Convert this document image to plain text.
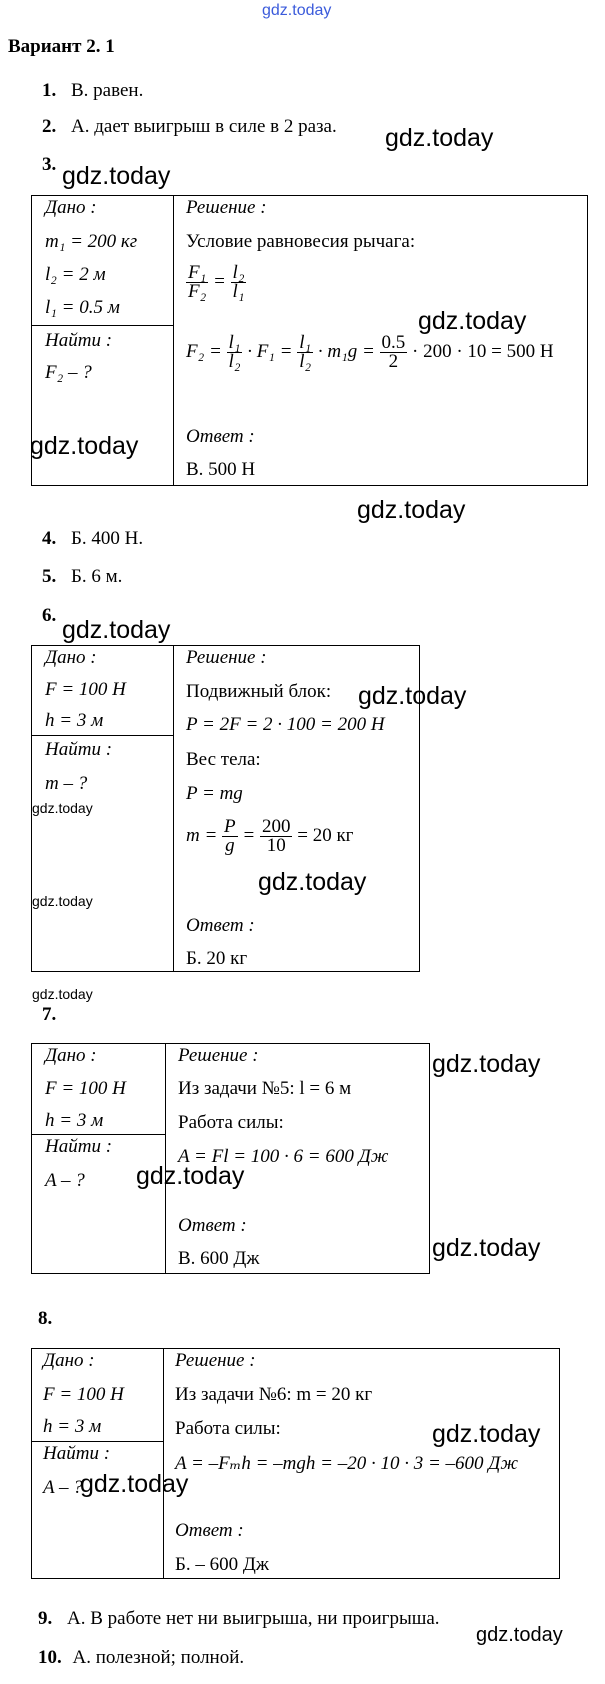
gdz.today
Вариант 2. 1
1. В. равен.
2. А. дает выигрыш в силе в 2 раза. gdz.today
3. gdz.today
Дано :
m₁ = 200 кг
l₂ = 2 м
l₁ = 0.5 м
Найти :
F₂ – ?
gdz.today
Решение :
Условие равновесия рычага:
$\frac{\text{F₁}}{\text{F₂}} = \frac{\text{l₂}}{\text{l₁}}$
gdz.today
$F_2 = \frac{\text{l₁}}{\text{l₂}} \cdot F_1 = \frac{\text{l₁}}{\text{l₂}} \cdot m_1g = \frac{0.5}{2} \cdot 200 \cdot 10 = 500$ Н
Ответ :
В. 500 Н
gdz.today
4. Б. 400 Н.
5. Б. 6 м.
6.
gdz.today
Дано :
F = 100 Н
h = 3 м
Найти :
m – ?
gdz.today
gdz.today
Решение :
Подвижный блок: gdz.today
P = 2F = 2 · 100 = 200 Н
Вес тела:
P = mg
$m = \frac{P}{g} = \frac{200}{10} = 20$ кг
gdz.today
Ответ :
Б. 20 кг
gdz.today
7.
Дано :
F = 100 Н
h = 3 м
Найти :
A – ?
Решение :
Из задачи №5: l = 6 м
gdz.today
Работа силы:
A = Fl = 100 · 6 = 600 Дж
gdz.today
Ответ :
В. 600 Дж	gdz.today
8.
Дано :
F = 100 Н
h = 3 м
Найти :
A – ?
gdz.today
Решение :
Из задачи №6: m = 20 кг
Работа силы:	gdz.today
A = –Fₘh = –mgh = –20 · 10 · 3 = –600 Дж
Ответ :
Б. – 600 Дж
9. А. В работе нет ни выигрыша, ни проигрыша.
gdz.today
10. А. полезной; полной.
